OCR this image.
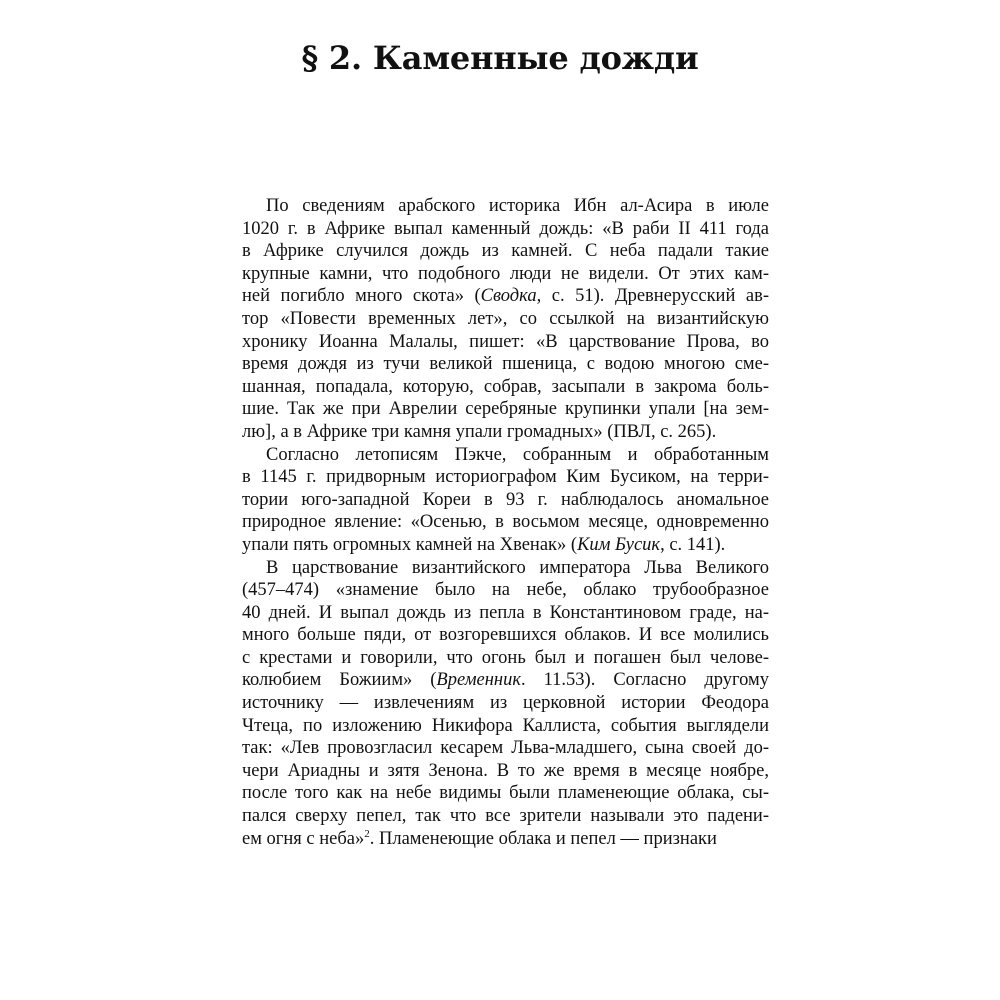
§ 2. Каменные дожди
По сведениям арабского историка Ибн ал-Асира в июле
1020 г. в Африке выпал каменный дождь: «В раби II 411 года
в Африке случился дождь из камней. С неба падали такие
крупные камни, что подобного люди не видели. От этих кам-
ней погибло много скота» (Сводка, с. 51). Древнерусский ав-
тор «Повести временных лет», со ссылкой на византийскую
хронику Иоанна Малалы, пишет: «В царствование Прова, во
время дождя из тучи великой пшеница, с водою многою сме-
шанная, попадала, которую, собрав, засыпали в закрома боль-
шие. Так же при Аврелии серебряные крупинки упали [на зем-
лю], а в Африке три камня упали громадных» (ПВЛ, с. 265).
Согласно летописям Пэкче, собранным и обработанным
в 1145 г. придворным историографом Ким Бусиком, на терри-
тории юго-западной Кореи в 93 г. наблюдалось аномальное
природное явление: «Осенью, в восьмом месяце, одновременно
упали пять огромных камней на Хвенак» (Ким Бусик, с. 141).
В царствование византийского императора Льва Великого
(457–474) «знамение было на небе, облако трубообразное
40 дней. И выпал дождь из пепла в Константиновом граде, на-
много больше пяди, от возгоревшихся облаков. И все молились
с крестами и говорили, что огонь был и погашен был челове-
колюбием Божиим» (Временник. 11.53). Согласно другому
источнику — извлечениям из церковной истории Феодора
Чтеца, по изложению Никифора Каллиста, события выглядели
так: «Лев провозгласил кесарем Льва-младшего, сына своей до-
чери Ариадны и зятя Зенона. В то же время в месяце ноябре,
после того как на небе видимы были пламенеющие облака, сы-
пался сверху пепел, так что все зрители называли это падени-
ем огня с неба»$^2$. Пламенеющие облака и пепел — признаки
